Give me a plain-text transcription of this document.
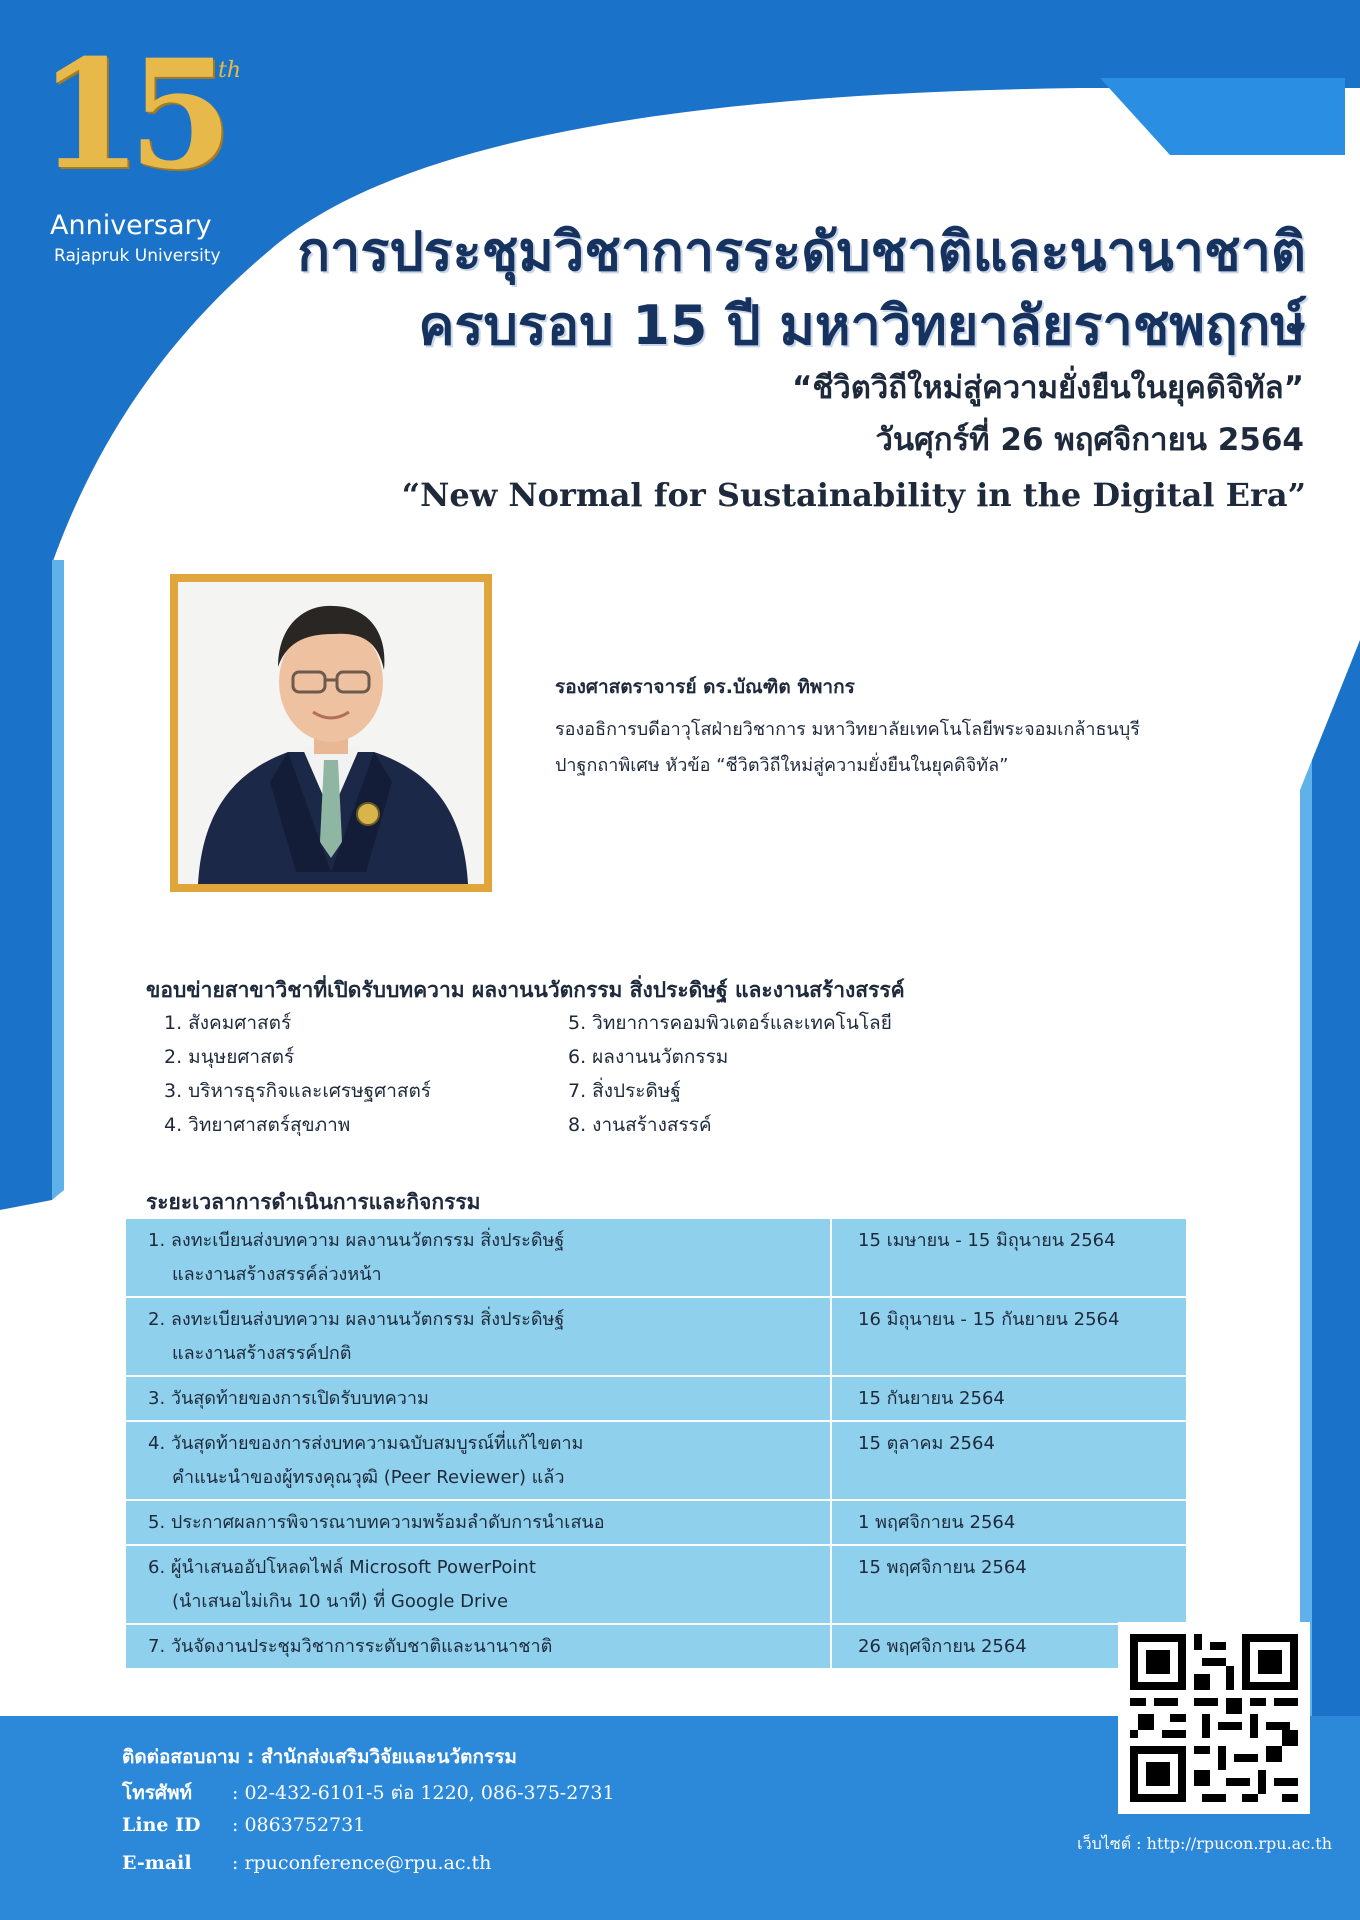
15 th
Anniversary
Rajapruk University การประชุมวิชาการระดับชาติและนานาชาติ
ครบรอบ 15 ปี มหาวิทยาลัยราชพฤกษ์
“ชีวิตวิถีใหม่สู่ความยั่งยืนในยุคดิจิทัล”
วันศุกร์ที่ 26 พฤศจิกายน 2564
“New Normal for Sustainability in the Digital Era”
รองศาสตราจารย์ ดร.บัณฑิต ทิพากร
รองอธิการบดีอาวุโสฝ่ายวิชาการ มหาวิทยาลัยเทคโนโลยีพระจอมเกล้าธนบุรี
ปาฐกถาพิเศษ หัวข้อ “ชีวิตวิถีใหม่สู่ความยั่งยืนในยุคดิจิทัล”
ขอบข่ายสาขาวิชาที่เปิดรับบทความ ผลงานนวัตกรรม สิ่งประดิษฐ์ และงานสร้างสรรค์
1. สังคมศาสตร์
2. มนุษยศาสตร์
3. บริหารธุรกิจและเศรษฐศาสตร์
4. วิทยาศาสตร์สุขภาพ
5. วิทยาการคอมพิวเตอร์และเทคโนโลยี
6. ผลงานนวัตกรรม
7. สิ่งประดิษฐ์
8. งานสร้างสรรค์
ระยะเวลาการดำเนินการและกิจกรรม
1. ลงทะเบียนส่งบทความ ผลงานนวัตกรรม สิ่งประดิษฐ์
และงานสร้างสรรค์ล่วงหน้า	15 เมษายน - 15 มิถุนายน 2564
2. ลงทะเบียนส่งบทความ ผลงานนวัตกรรม สิ่งประดิษฐ์
และงานสร้างสรรค์ปกติ	16 มิถุนายน - 15 กันยายน 2564
3. วันสุดท้ายของการเปิดรับบทความ	15 กันยายน 2564
4. วันสุดท้ายของการส่งบทความฉบับสมบูรณ์ที่แก้ไขตาม
คำแนะนำของผู้ทรงคุณวุฒิ (Peer Reviewer) แล้ว	15 ตุลาคม 2564
5. ประกาศผลการพิจารณาบทความพร้อมลำดับการนำเสนอ	1 พฤศจิกายน 2564
6. ผู้นำเสนออัปโหลดไฟล์ Microsoft PowerPoint
(นำเสนอไม่เกิน 10 นาที) ที่ Google Drive	15 พฤศจิกายน 2564
7. วันจัดงานประชุมวิชาการระดับชาติและนานาชาติ	26 พฤศจิกายน 2564
ติดต่อสอบถาม : สำนักส่งเสริมวิจัยและนวัตกรรม
โทรศัพท์ : 02-432-6101-5 ต่อ 1220, 086-375-2731
Line ID : 0863752731
E-mail : rpuconference@rpu.ac.th
เว็บไซต์ : http://rpucon.rpu.ac.th
